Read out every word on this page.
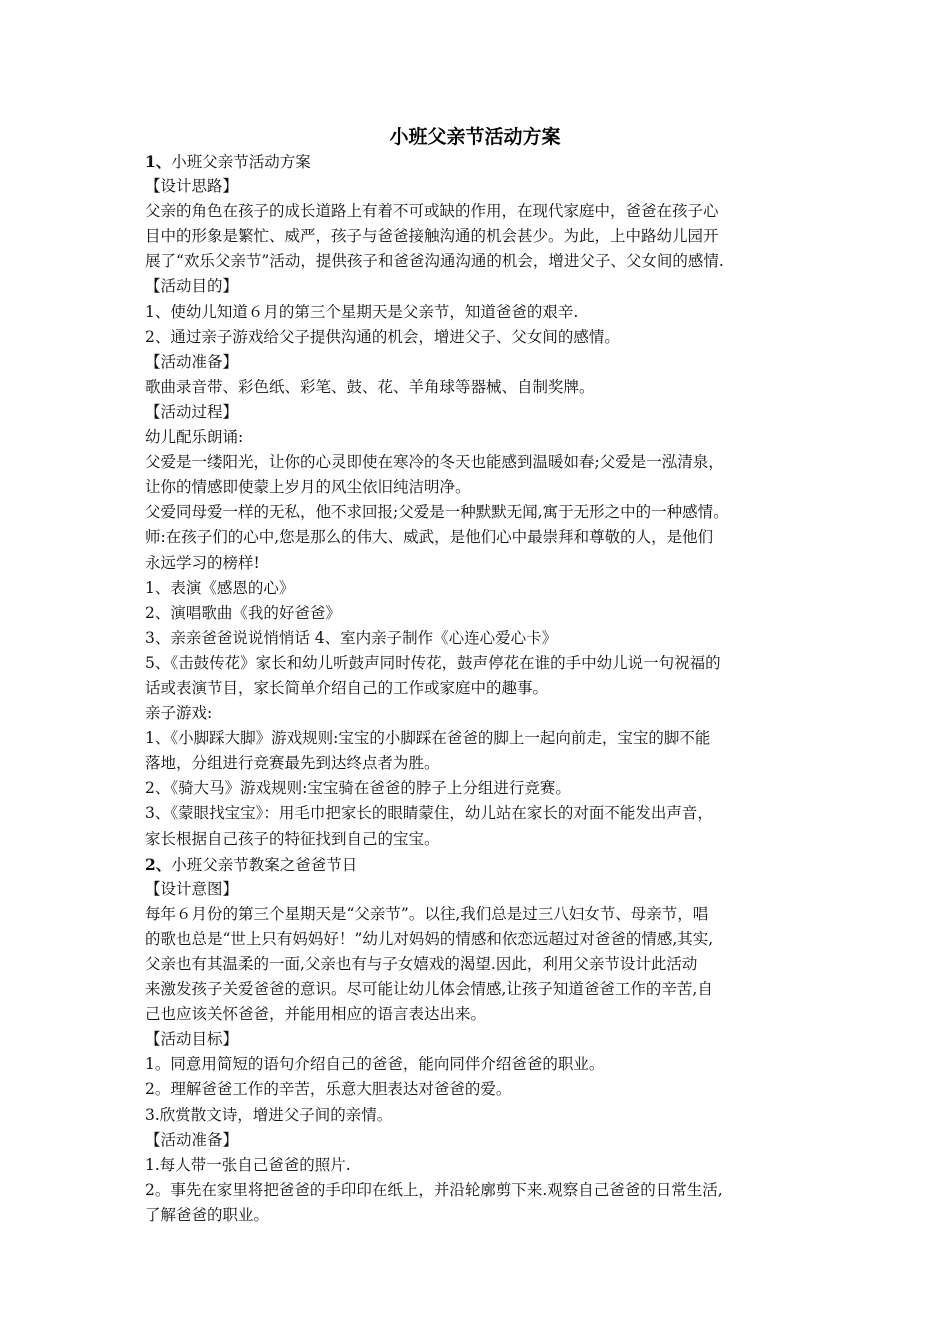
小班父亲节活动方案
1、小班父亲节活动方案
【设计思路】
父亲的角色在孩子的成长道路上有着不可或缺的作用，在现代家庭中，爸爸在孩子心
目中的形象是繁忙、威严，孩子与爸爸接触沟通的机会甚少。为此，上中路幼儿园开
展了“欢乐父亲节”活动，提供孩子和爸爸沟通沟通的机会，增进父子、父女间的感情.
【活动目的】
1、使幼儿知道６月的第三个星期天是父亲节，知道爸爸的艰辛.
2、通过亲子游戏给父子提供沟通的机会，增进父子、父女间的感情。
【活动准备】
歌曲录音带、彩色纸、彩笔、鼓、花、羊角球等器械、自制奖牌。
【活动过程】
幼儿配乐朗诵:
父爱是一缕阳光，让你的心灵即使在寒冷的冬天也能感到温暖如春;父爱是一泓清泉，
让你的情感即使蒙上岁月的风尘依旧纯洁明净。
父爱同母爱一样的无私，他不求回报;父爱是一种默默无闻,寓于无形之中的一种感情。
师:在孩子们的心中,您是那么的伟大、威武，是他们心中最崇拜和尊敬的人，是他们
永远学习的榜样!
1、表演《感恩的心》
2、演唱歌曲《我的好爸爸》
3、亲亲爸爸说说悄悄话 4、室内亲子制作《心连心爱心卡》
5、《击鼓传花》家长和幼儿听鼓声同时传花，鼓声停花在谁的手中幼儿说一句祝福的
话或表演节目，家长简单介绍自己的工作或家庭中的趣事。
亲子游戏:
1、《小脚踩大脚》游戏规则:宝宝的小脚踩在爸爸的脚上一起向前走，宝宝的脚不能
落地，分组进行竞赛最先到达终点者为胜。
2、《骑大马》游戏规则:宝宝骑在爸爸的脖子上分组进行竞赛。
3、《蒙眼找宝宝》：用毛巾把家长的眼睛蒙住，幼儿站在家长的对面不能发出声音，
家长根据自己孩子的特征找到自己的宝宝。
2、小班父亲节教案之爸爸节日
【设计意图】
每年６月份的第三个星期天是“父亲节”。以往,我们总是过三八妇女节、母亲节，唱
的歌也总是“世上只有妈妈好！”幼儿对妈妈的情感和依恋远超过对爸爸的情感,其实,
父亲也有其温柔的一面,父亲也有与子女嬉戏的渴望.因此，利用父亲节设计此活动
来激发孩子关爱爸爸的意识。尽可能让幼儿体会情感,让孩子知道爸爸工作的辛苦,自
己也应该关怀爸爸，并能用相应的语言表达出来。
【活动目标】
1。同意用简短的语句介绍自己的爸爸，能向同伴介绍爸爸的职业。
2。理解爸爸工作的辛苦，乐意大胆表达对爸爸的爱。
3.欣赏散文诗，增进父子间的亲情。
【活动准备】
1.每人带一张自己爸爸的照片.
2。事先在家里将把爸爸的手印印在纸上，并沿轮廓剪下来.观察自己爸爸的日常生活,
了解爸爸的职业。
